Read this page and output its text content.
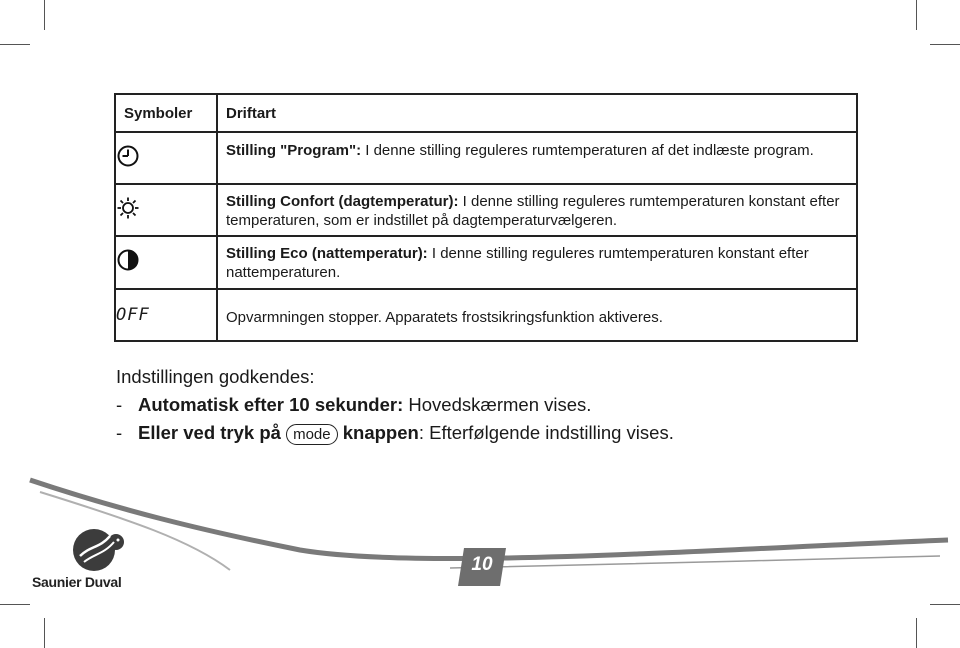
Symboler	Driftart
	Stilling "Program": I denne stilling reguleres rumtemperaturen af det indlæste program.
	Stilling Confort (dagtemperatur): I denne stilling reguleres rumtemperaturen konstant efter temperaturen, som er indstillet på dagtemperaturvælgeren.
	Stilling Eco (nattemperatur): I denne stilling reguleres rumtemperaturen konstant efter nattemperaturen.
OFF	Opvarmningen stopper. Apparatets frostsikringsfunktion aktiveres.
Indstillingen godkendes:
- Automatisk efter 10 sekunder: Hovedskærmen vises.
- Eller ved tryk på mode knappen: Efterfølgende indstilling vises.
Saunier Duval
10
